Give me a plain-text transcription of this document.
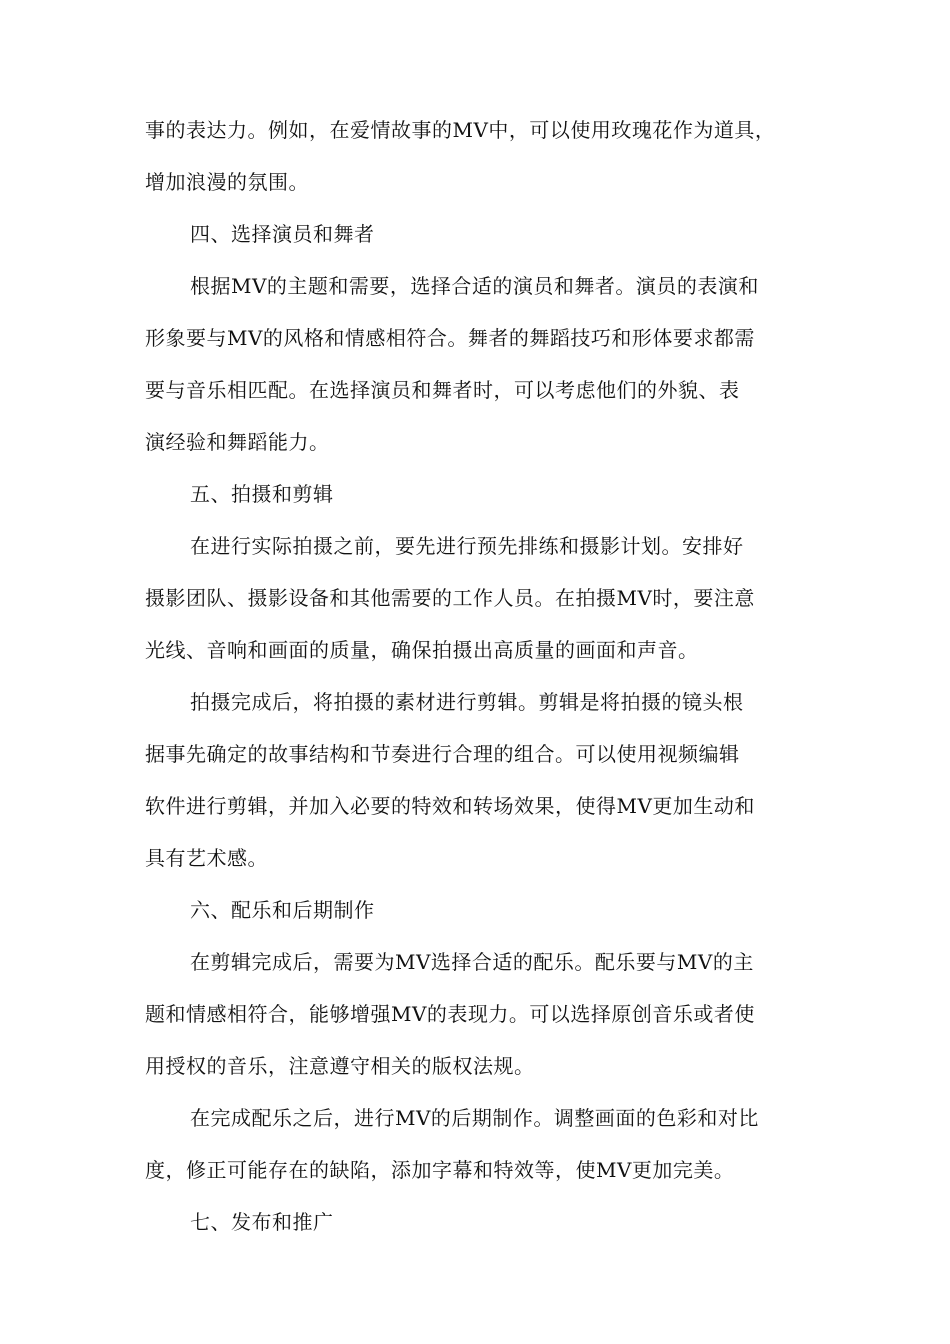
事的表达力。例如，在爱情故事的MV中，可以使用玫瑰花作为道具，
增加浪漫的氛围。
四、选择演员和舞者
根据MV的主题和需要，选择合适的演员和舞者。演员的表演和
形象要与MV的风格和情感相符合。舞者的舞蹈技巧和形体要求都需
要与音乐相匹配。在选择演员和舞者时，可以考虑他们的外貌、表
演经验和舞蹈能力。
五、拍摄和剪辑
在进行实际拍摄之前，要先进行预先排练和摄影计划。安排好
摄影团队、摄影设备和其他需要的工作人员。在拍摄MV时，要注意
光线、音响和画面的质量，确保拍摄出高质量的画面和声音。
拍摄完成后，将拍摄的素材进行剪辑。剪辑是将拍摄的镜头根
据事先确定的故事结构和节奏进行合理的组合。可以使用视频编辑
软件进行剪辑，并加入必要的特效和转场效果，使得MV更加生动和
具有艺术感。
六、配乐和后期制作
在剪辑完成后，需要为MV选择合适的配乐。配乐要与MV的主
题和情感相符合，能够增强MV的表现力。可以选择原创音乐或者使
用授权的音乐，注意遵守相关的版权法规。
在完成配乐之后，进行MV的后期制作。调整画面的色彩和对比
度，修正可能存在的缺陷，添加字幕和特效等，使MV更加完美。
七、发布和推广
